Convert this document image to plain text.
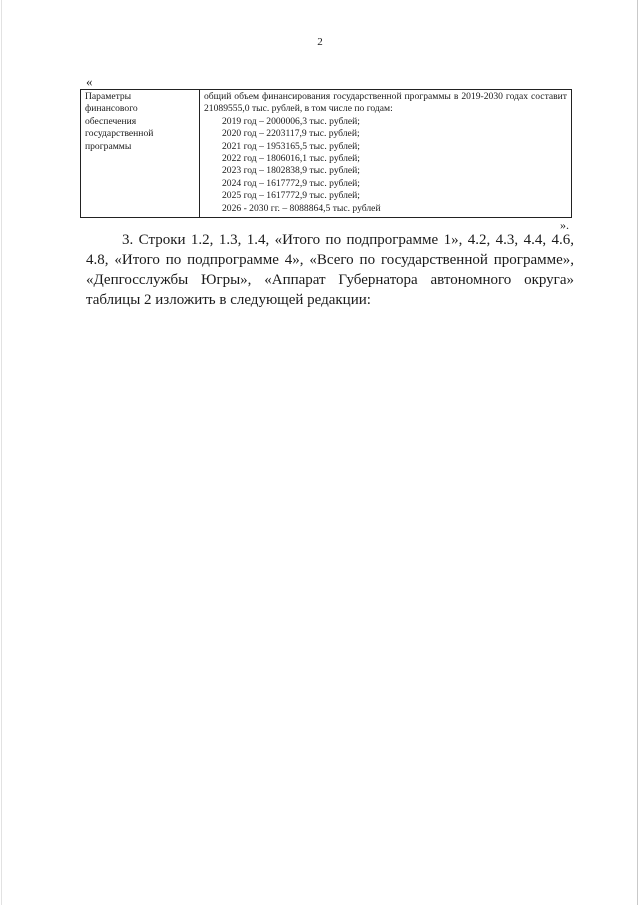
2
«
Параметры
финансового
обеспечения
государственной
программы

общий объем финансирования государственной программы в 2019-2030 годах составит 21089555,0 тыс. рублей, в том числе по годам:
2019 год – 2000006,3 тыс. рублей;
2020 год – 2203117,9 тыс. рублей;
2021 год – 1953165,5 тыс. рублей;
2022 год – 1806016,1 тыс. рублей;
2023 год – 1802838,9 тыс. рублей;
2024 год – 1617772,9 тыс. рублей;
2025 год – 1617772,9 тыс. рублей;
2026 - 2030 гг. – 8088864,5 тыс. рублей
».

3. Строки 1.2, 1.3, 1.4, «Итого по подпрограмме 1», 4.2, 4.3, 4.4, 4.6, 4.8, «Итого по подпрограмме 4», «Всего по государственной программе», «Депгосслужбы Югры», «Аппарат Губернатора автономного округа» таблицы 2 изложить в следующей редакции:
